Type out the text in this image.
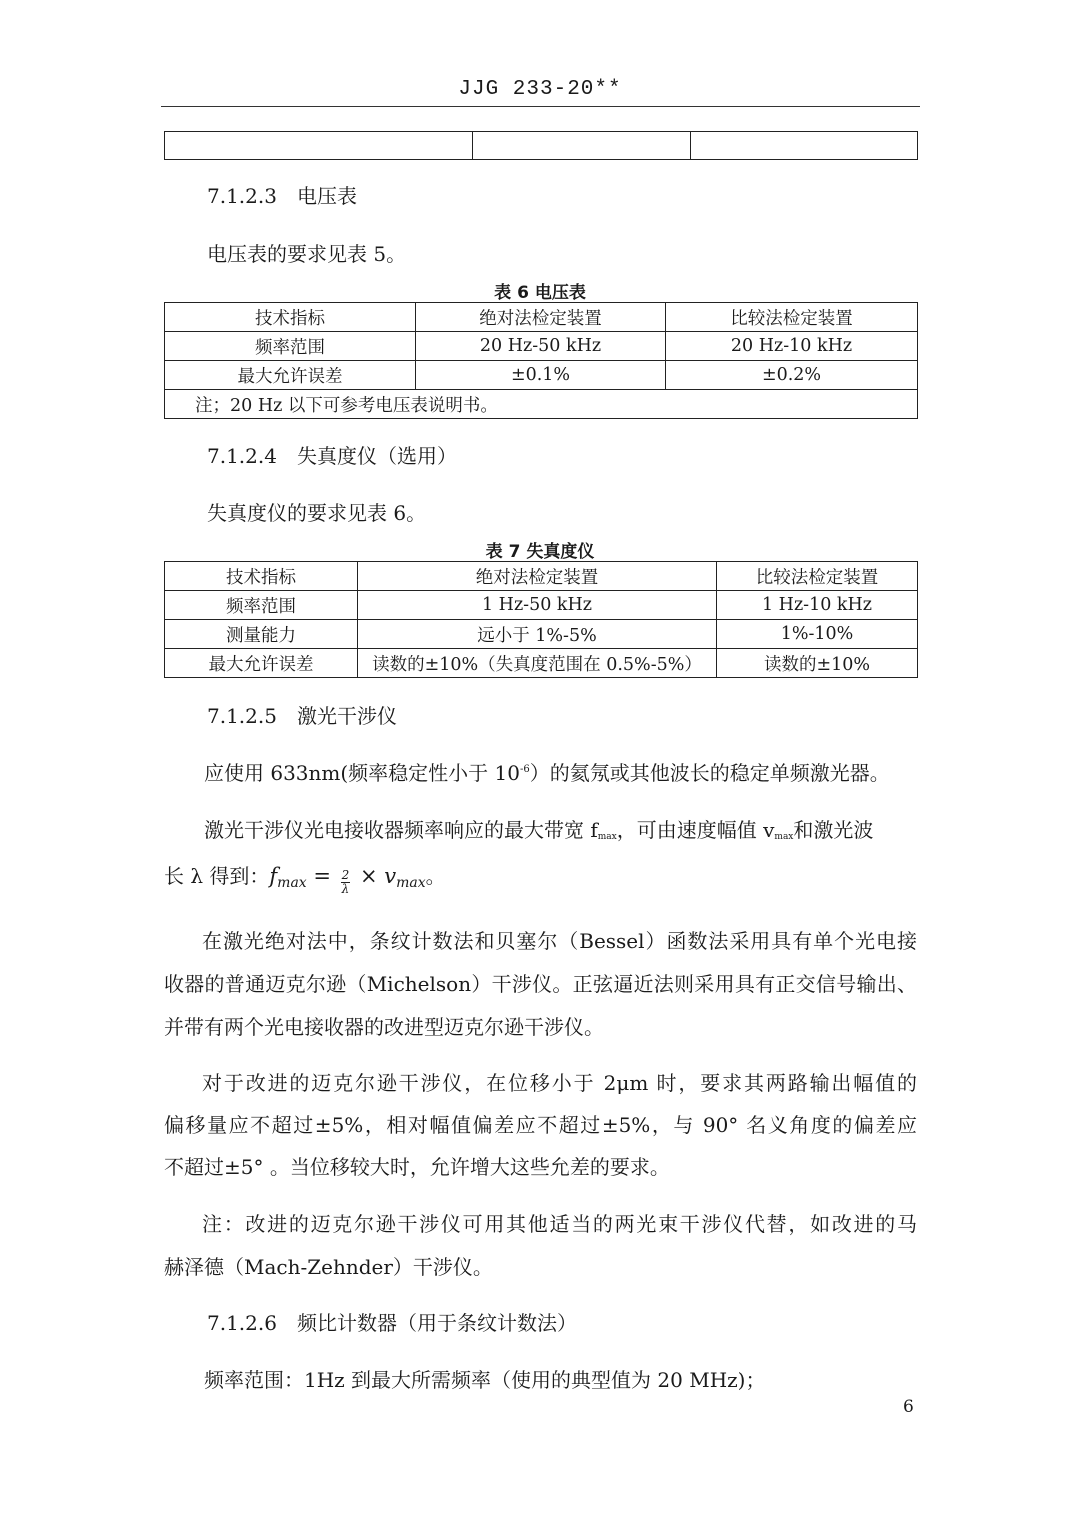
JJG 233-20**

7.1.2.3　电压表
电压表的要求见表 5。
表 6 电压表
技术指标	绝对法检定装置	比较法检定装置
频率范围	20 Hz-50 kHz	20 Hz-10 kHz
最大允许误差	±0.1%	±0.2%
注；20 Hz 以下可参考电压表说明书。		
7.1.2.4　失真度仪（选用）
失真度仪的要求见表 6。
表 7 失真度仪
技术指标	绝对法检定装置	比较法检定装置
频率范围	1 Hz-50 kHz	1 Hz-10 kHz
测量能力	远小于 1%-5%	1%-10%
最大允许误差	读数的±10%（失真度范围在 0.5%-5%）	读数的±10%
7.1.2.5　激光干涉仪
应使用 633nm(频率稳定性小于 $10^{-6}$）的氦氖或其他波长的稳定单频激光器。
激光干涉仪光电接收器频率响应的最大带宽 $f_{max}$，可由速度幅值 $v_{max}$和激光波
长 λ 得到：$f_{max} = \frac{2}{\lambda} \times v_{max}$。
在激光绝对法中，条纹计数法和贝塞尔（Bessel）函数法采用具有单个光电接
收器的普通迈克尔逊（Michelson）干涉仪。正弦逼近法则采用具有正交信号输出、
并带有两个光电接收器的改进型迈克尔逊干涉仪。
对于改进的迈克尔逊干涉仪，在位移小于 2μm 时，要求其两路输出幅值的
偏移量应不超过±5%，相对幅值偏差应不超过±5%，与 90° 名义角度的偏差应
不超过±5° 。当位移较大时，允许增大这些允差的要求。
注：改进的迈克尔逊干涉仪可用其他适当的两光束干涉仪代替，如改进的马
赫泽德（Mach-Zehnder）干涉仪。
7.1.2.6　频比计数器（用于条纹计数法）
频率范围：1Hz 到最大所需频率（使用的典型值为 20 MHz)；
6
